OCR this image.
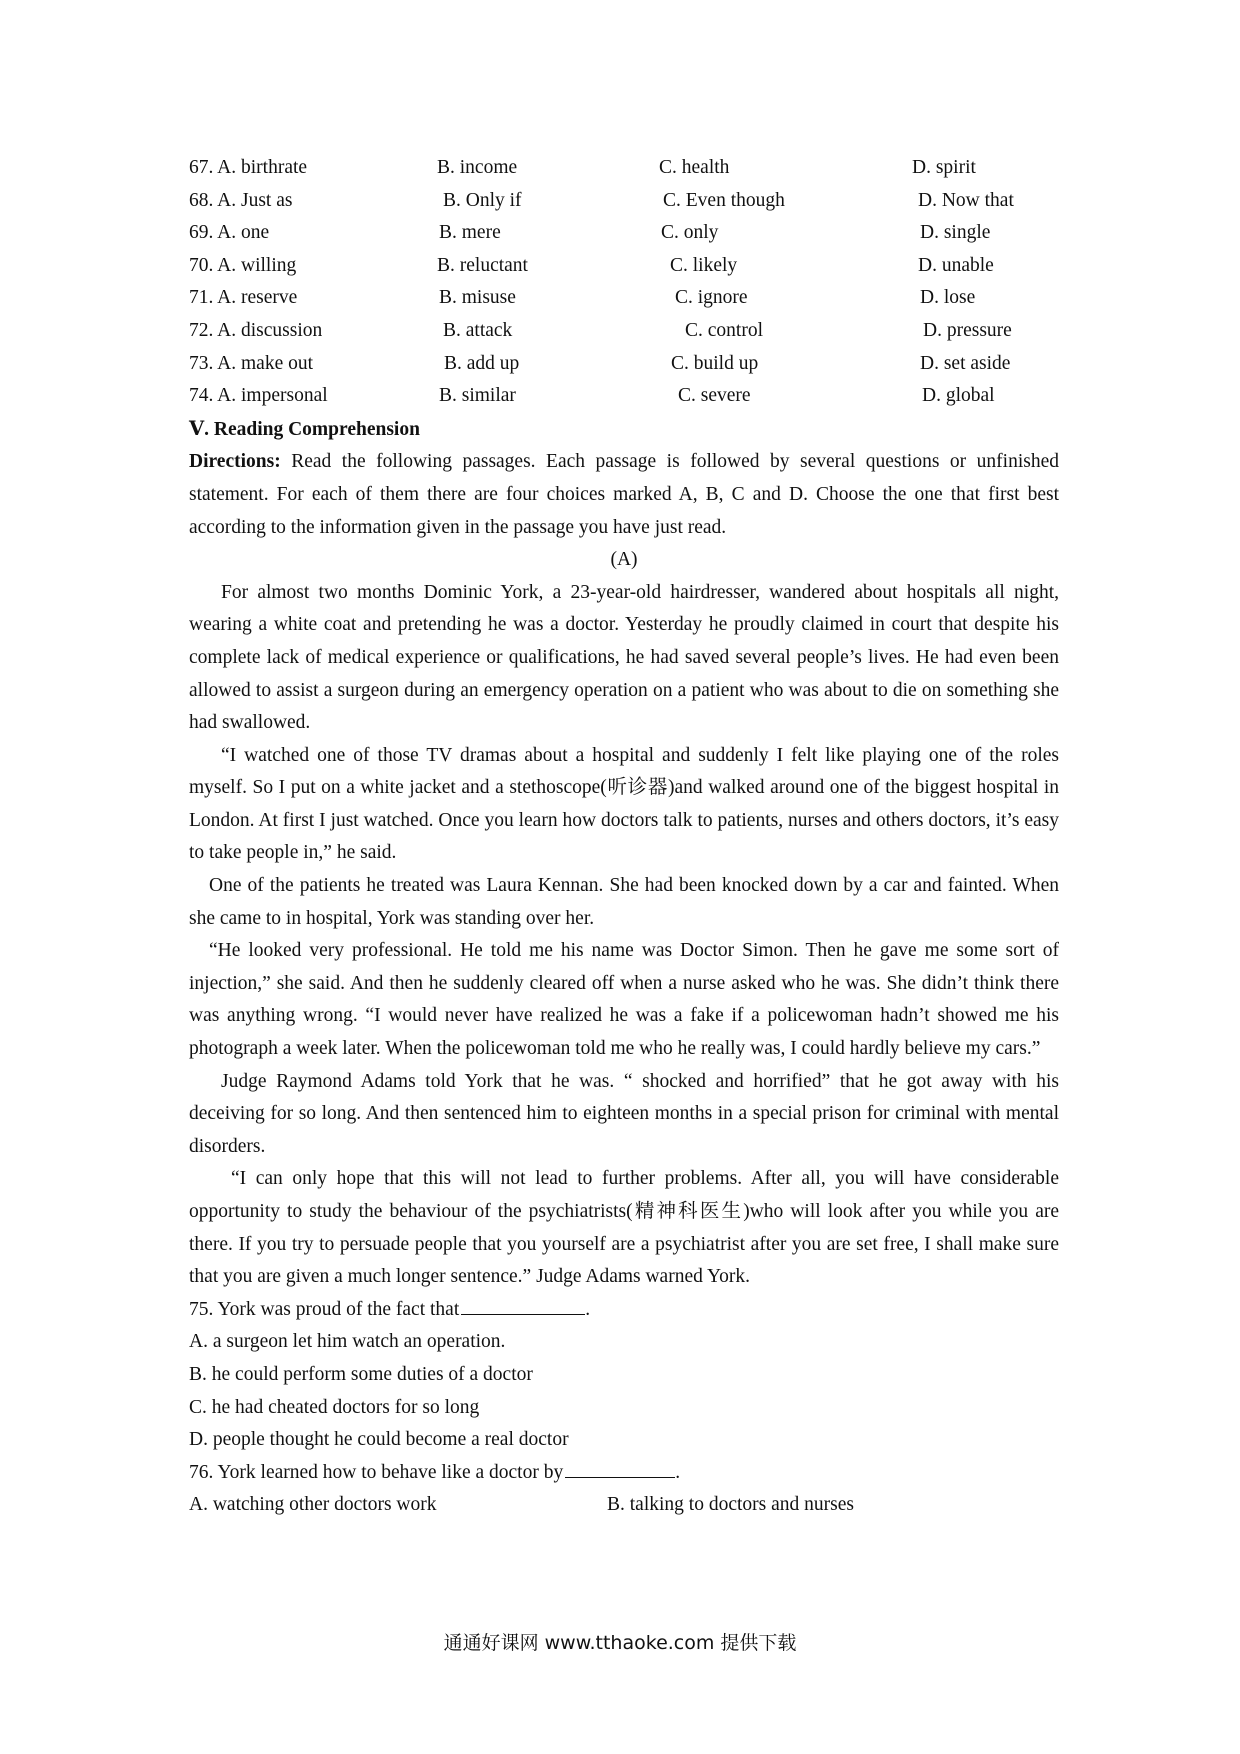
67. A. birthrate	B. income	C. health	D. spirit
68. A. Just as	B. Only if	C. Even though	D. Now that
69. A. one	B. mere	C. only	D. single
70. A. willing	B. reluctant	C. likely	D. unable
71. A. reserve	B. misuse	C. ignore	D. lose
72. A. discussion	B. attack	C. control	D. pressure
73. A. make out	B. add up	C. build up	D. set aside
74. A. impersonal	B. similar	C. severe	D. global
Ⅴ. Reading Comprehension

Directions: Read the following passages. Each passage is followed by several questions or unfinished statement. For each of them there are four choices marked A, B, C and D. Choose the one that first best according to the information given in the passage you have just read.

(A)

For almost two months Dominic York, a 23-year-old hairdresser, wandered about hospitals all night, wearing a white coat and pretending he was a doctor. Yesterday he proudly claimed in court that despite his complete lack of medical experience or qualifications, he had saved several people’s lives. He had even been allowed to assist a surgeon during an emergency operation on a patient who was about to die on something she had swallowed.

“I watched one of those TV dramas about a hospital and suddenly I felt like playing one of the roles myself. So I put on a white jacket and a stethoscope(听诊器)and walked around one of the biggest hospital in London. At first I just watched. Once you learn how doctors talk to patients, nurses and others doctors, it’s easy to take people in,” he said.

One of the patients he treated was Laura Kennan. She had been knocked down by a car and fainted. When she came to in hospital, York was standing over her.

“He looked very professional. He told me his name was Doctor Simon. Then he gave me some sort of injection,” she said. And then he suddenly cleared off when a nurse asked who he was. She didn’t think there was anything wrong. “I would never have realized he was a fake if a policewoman hadn’t showed me his photograph a week later. When the policewoman told me who he really was, I could hardly believe my cars.”

Judge Raymond Adams told York that he was. “ shocked and horrified” that he got away with his deceiving for so long. And then sentenced him to eighteen months in a special prison for criminal with mental disorders.

“I can only hope that this will not lead to further problems. After all, you will have considerable opportunity to study the behaviour of the psychiatrists(精神科医生)who will look after you while you are there. If you try to persuade people that you yourself are a psychiatrist after you are set free, I shall make sure that you are given a much longer sentence.” Judge Adams warned York.

75. York was proud of the fact that	.
A. a surgeon let him watch an operation.
B. he could perform some duties of a doctor
C. he had cheated doctors for so long
D. people thought he could become a real doctor
76. York learned how to behave like a doctor by	.
A. watching other doctors work	B. talking to doctors and nurses
通通好课网 www.tthaoke.com 提供下载
